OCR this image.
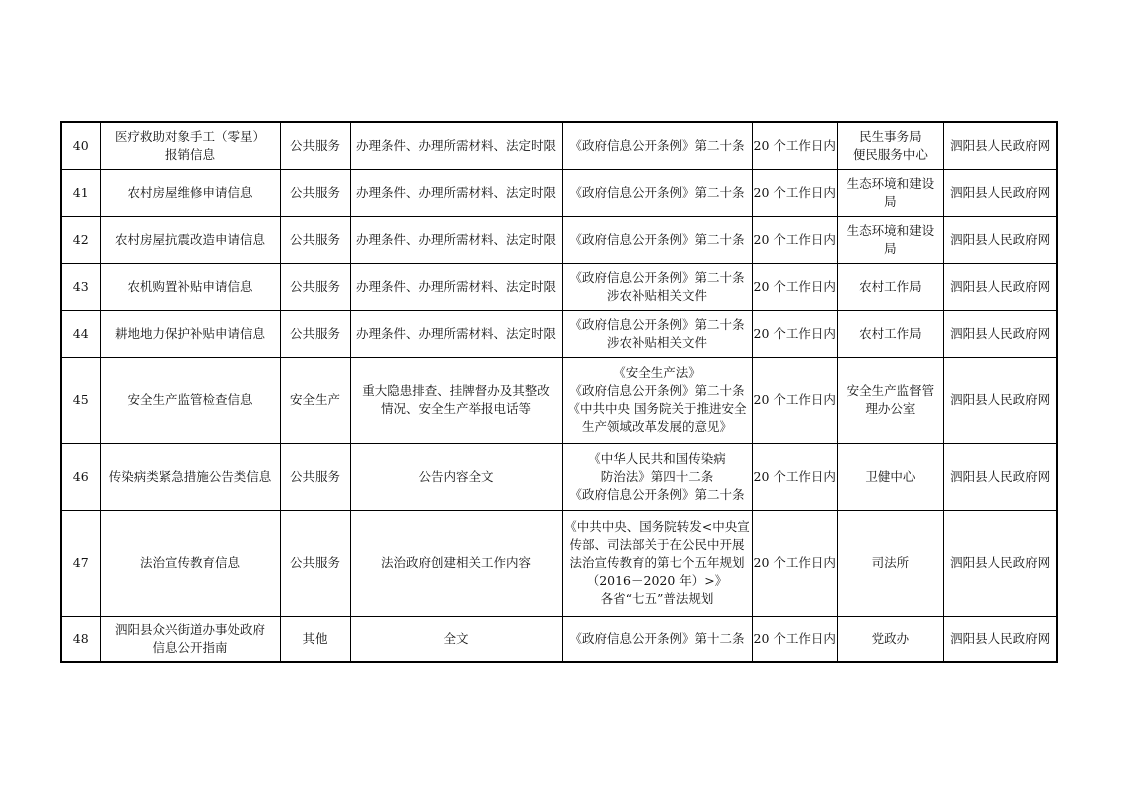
40	医疗救助对象手工（零星）
报销信息	公共服务	办理条件、办理所需材料、法定时限	《政府信息公开条例》第二十条	20 个工作日内	民生事务局
便民服务中心	泗阳县人民政府网

41	农村房屋维修申请信息	公共服务	办理条件、办理所需材料、法定时限	《政府信息公开条例》第二十条	20 个工作日内	生态环境和建设
局	泗阳县人民政府网

42	农村房屋抗震改造申请信息	公共服务	办理条件、办理所需材料、法定时限	《政府信息公开条例》第二十条	20 个工作日内	生态环境和建设
局	泗阳县人民政府网

43	农机购置补贴申请信息	公共服务	办理条件、办理所需材料、法定时限	《政府信息公开条例》第二十条
涉农补贴相关文件	20 个工作日内	农村工作局	泗阳县人民政府网

44	耕地地力保护补贴申请信息	公共服务	办理条件、办理所需材料、法定时限	《政府信息公开条例》第二十条
涉农补贴相关文件	20 个工作日内	农村工作局	泗阳县人民政府网

45	安全生产监管检查信息	安全生产	重大隐患排查、挂牌督办及其整改
情况、安全生产举报电话等	《安全生产法》
《政府信息公开条例》第二十条
《中共中央 国务院关于推进安全
生产领域改革发展的意见》	20 个工作日内	安全生产监督管
理办公室	泗阳县人民政府网

46	传染病类紧急措施公告类信息	公共服务	公告内容全文	《中华人民共和国传染病
防治法》第四十二条
《政府信息公开条例》第二十条	20 个工作日内	卫健中心	泗阳县人民政府网

47	法治宣传教育信息	公共服务	法治政府创建相关工作内容	《中共中央、国务院转发<中央宣
传部、司法部关于在公民中开展
法治宣传教育的第七个五年规划
（2016－2020 年）>》
各省“七五”普法规划	20 个工作日内	司法所	泗阳县人民政府网

48	泗阳县众兴街道办事处政府
信息公开指南	其他	全文	《政府信息公开条例》第十二条	20 个工作日内	党政办	泗阳县人民政府网
